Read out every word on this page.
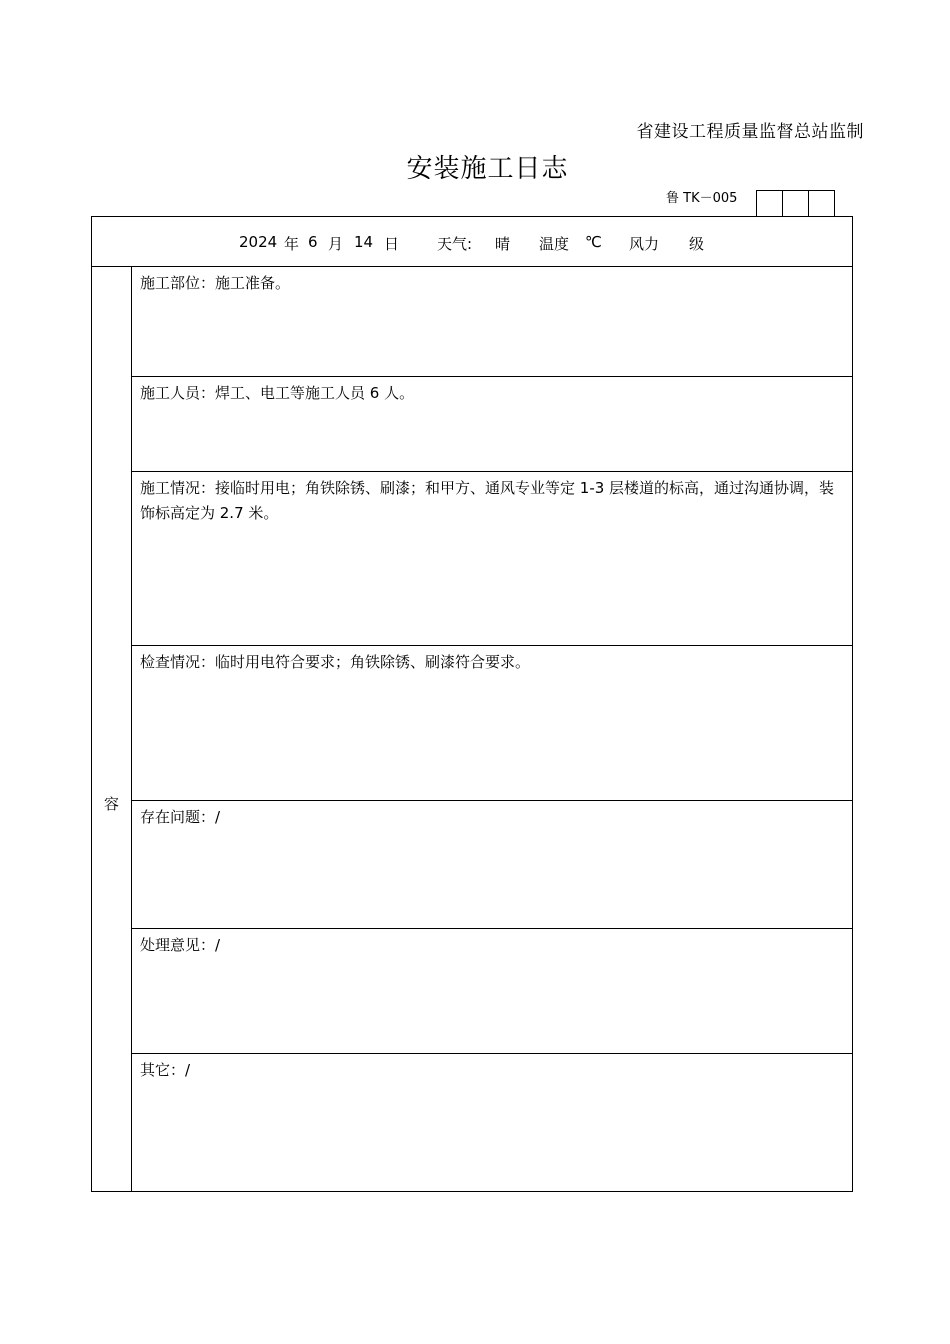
省建设工程质量监督总站监制
安装施工日志
鲁 TK－005
2024 年 6 月 14 日	天气: 晴 温度 ℃ 风力 级
容
施工部位：施工准备。
施工人员：焊工、电工等施工人员 6 人。
施工情况：接临时用电；角铁除锈、刷漆；和甲方、通风专业等定 1-3 层楼道的标高，通过沟通协调，装饰标高定为 2.7 米。
检查情况：临时用电符合要求；角铁除锈、刷漆符合要求。
存在问题：/
处理意见：/
其它：/
